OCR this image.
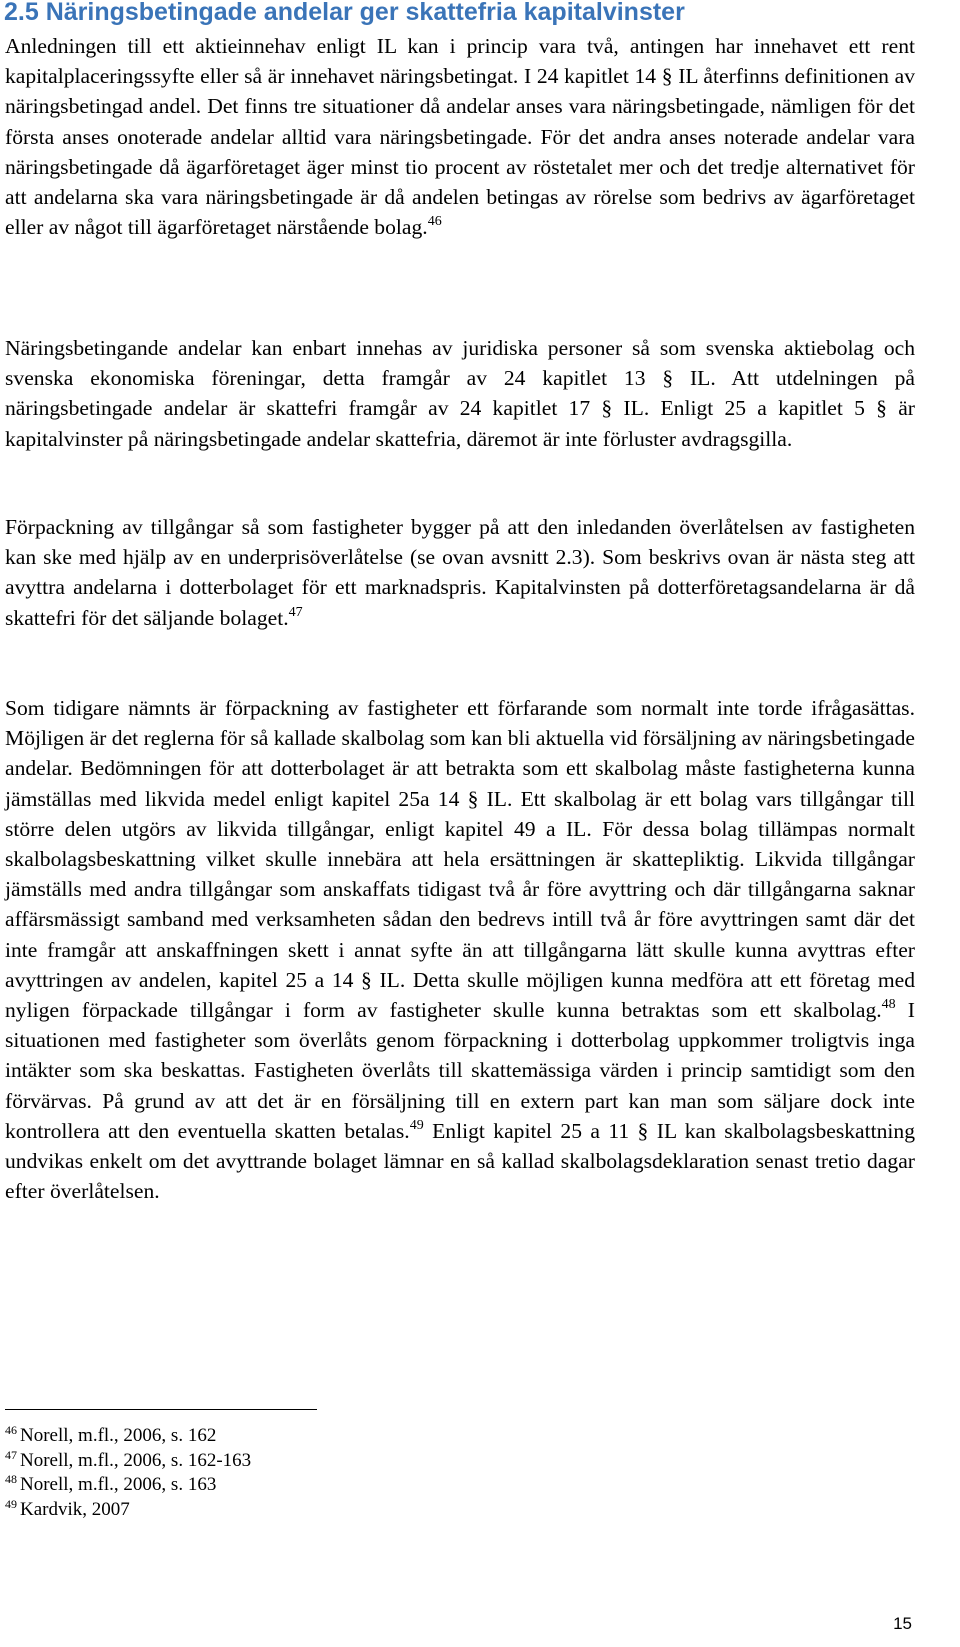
2.5 Näringsbetingade andelar ger skattefria kapitalvinster

Anledningen till ett aktieinnehav enligt IL kan i princip vara två, antingen har innehavet ett rent kapitalplaceringssyfte eller så är innehavet näringsbetingat. I 24 kapitlet 14 § IL återfinns definitionen av näringsbetingad andel. Det finns tre situationer då andelar anses vara näringsbetingade, nämligen för det första anses onoterade andelar alltid vara näringsbetingade. För det andra anses noterade andelar vara näringsbetingade då ägarföretaget äger minst tio procent av röstetalet mer och det tredje alternativet för att andelarna ska vara näringsbetingade är då andelen betingas av rörelse som bedrivs av ägarföretaget eller av något till ägarföretaget närstående bolag.$^{46}$

Näringsbetingande andelar kan enbart innehas av juridiska personer så som svenska aktiebolag och svenska ekonomiska föreningar, detta framgår av 24 kapitlet 13 § IL. Att utdelningen på näringsbetingade andelar är skattefri framgår av 24 kapitlet 17 § IL. Enligt 25 a kapitlet 5 § är kapitalvinster på näringsbetingade andelar skattefria, däremot är inte förluster avdragsgilla.

Förpackning av tillgångar så som fastigheter bygger på att den inledanden överlåtelsen av fastigheten kan ske med hjälp av en underprisöverlåtelse (se ovan avsnitt 2.3). Som beskrivs ovan är nästa steg att avyttra andelarna i dotterbolaget för ett marknadspris. Kapitalvinsten på dotterföretagsandelarna är då skattefri för det säljande bolaget.$^{47}$

Som tidigare nämnts är förpackning av fastigheter ett förfarande som normalt inte torde ifrågasättas. Möjligen är det reglerna för så kallade skalbolag som kan bli aktuella vid försäljning av näringsbetingade andelar. Bedömningen för att dotterbolaget är att betrakta som ett skalbolag måste fastigheterna kunna jämställas med likvida medel enligt kapitel 25a 14 § IL. Ett skalbolag är ett bolag vars tillgångar till större delen utgörs av likvida tillgångar, enligt kapitel 49 a IL. För dessa bolag tillämpas normalt skalbolagsbeskattning vilket skulle innebära att hela ersättningen är skattepliktig. Likvida tillgångar jämställs med andra tillgångar som anskaffats tidigast två år före avyttring och där tillgångarna saknar affärsmässigt samband med verksamheten sådan den bedrevs intill två år före avyttringen samt där det inte framgår att anskaffningen skett i annat syfte än att tillgångarna lätt skulle kunna avyttras efter avyttringen av andelen, kapitel 25 a 14 § IL. Detta skulle möjligen kunna medföra att ett företag med nyligen förpackade tillgångar i form av fastigheter skulle kunna betraktas som ett skalbolag.$^{48}$ I situationen med fastigheter som överlåts genom förpackning i dotterbolag uppkommer troligtvis inga intäkter som ska beskattas. Fastigheten överlåts till skattemässiga värden i princip samtidigt som den förvärvas. På grund av att det är en försäljning till en extern part kan man som säljare dock inte kontrollera att den eventuella skatten betalas.$^{49}$ Enligt kapitel 25 a 11 § IL kan skalbolagsbeskattning undvikas enkelt om det avyttrande bolaget lämnar en så kallad skalbolagsdeklaration senast tretio dagar efter överlåtelsen.

$^{46}$ Norell, m.fl., 2006, s. 162
$^{47}$ Norell, m.fl., 2006, s. 162-163
$^{48}$ Norell, m.fl., 2006, s. 163
$^{49}$ Kardvik, 2007
15
